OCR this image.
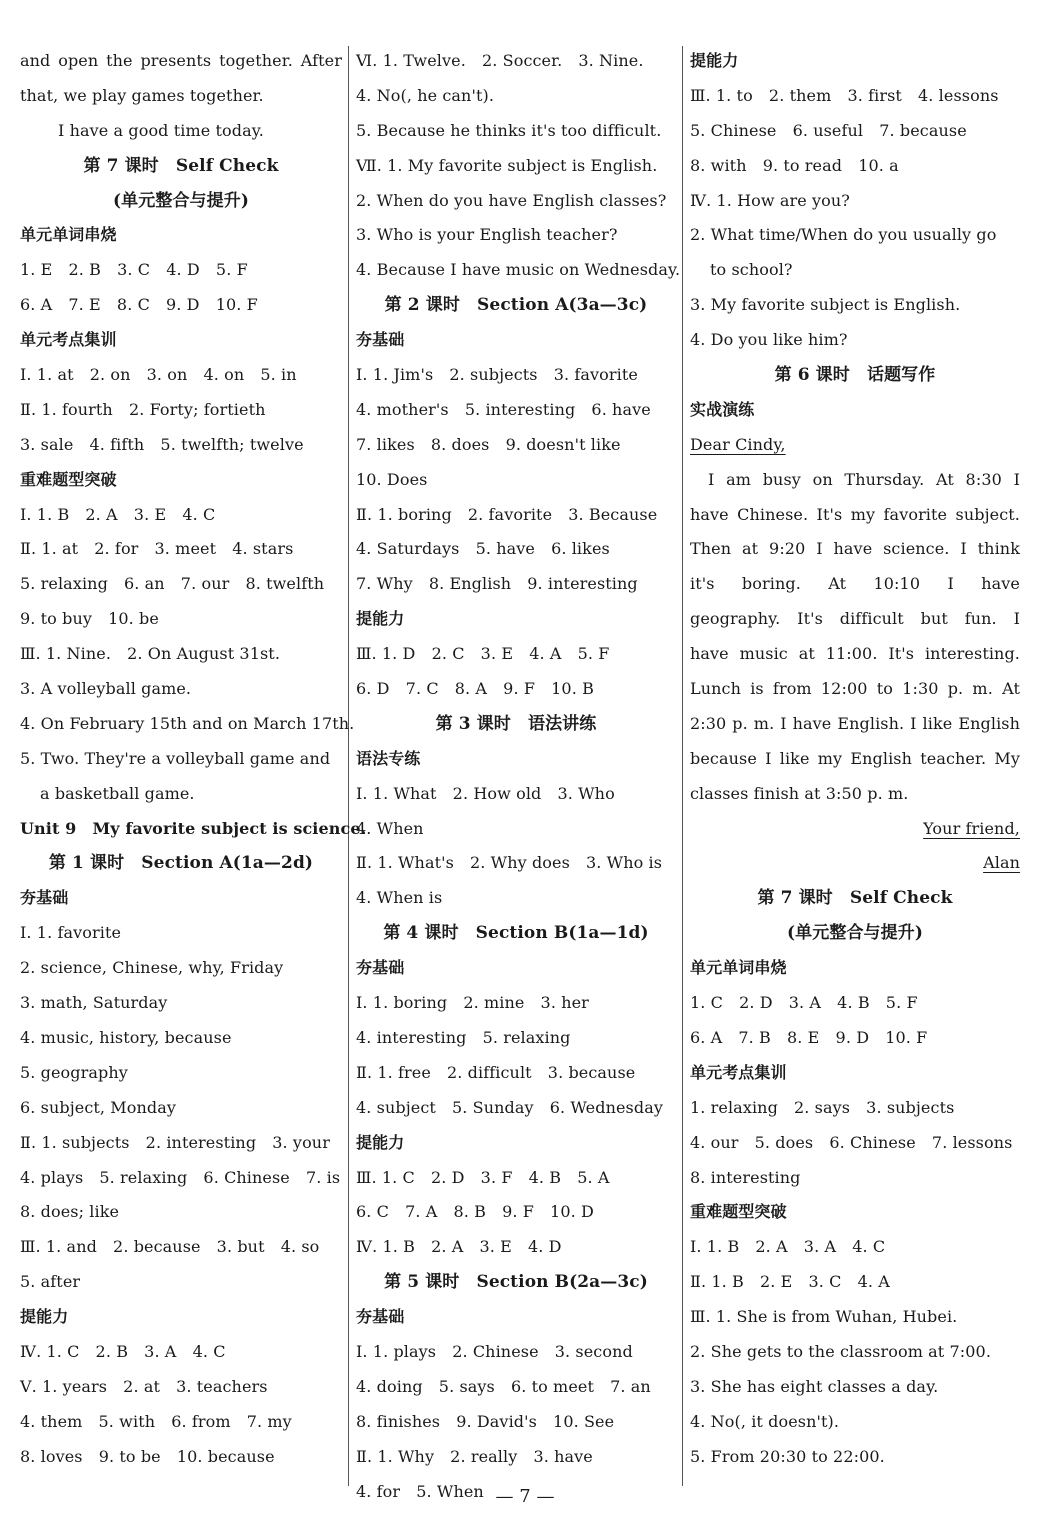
and open the presents together. After
that, we play games together.
I have a good time today.
第 7 课时　Self Check
(单元整合与提升)
单元单词串烧
1. E　2. B　3. C　4. D　5. F
6. A　7. E　8. C　9. D　10. F
单元考点集训
Ⅰ. 1. at　2. on　3. on　4. on　5. in
Ⅱ. 1. fourth　2. Forty; fortieth
3. sale　4. fifth　5. twelfth; twelve
重难题型突破
Ⅰ. 1. B　2. A　3. E　4. C
Ⅱ. 1. at　2. for　3. meet　4. stars
5. relaxing　6. an　7. our　8. twelfth
9. to buy　10. be
Ⅲ. 1. Nine.　2. On August 31st.
3. A volleyball game.
4. On February 15th and on March 17th.
5. Two. They're a volleyball game and
a basketball game.
Unit 9　My favorite subject is science.
第 1 课时　Section A(1a—2d)
夯基础
Ⅰ. 1. favorite
2. science, Chinese, why, Friday
3. math, Saturday
4. music, history, because
5. geography
6. subject, Monday
Ⅱ. 1. subjects　2. interesting　3. your
4. plays　5. relaxing　6. Chinese　7. is
8. does; like
Ⅲ. 1. and　2. because　3. but　4. so
5. after
提能力
Ⅳ. 1. C　2. B　3. A　4. C
Ⅴ. 1. years　2. at　3. teachers
4. them　5. with　6. from　7. my
8. loves　9. to be　10. because
Ⅵ. 1. Twelve.　2. Soccer.　3. Nine.
4. No(, he can't).
5. Because he thinks it's too difficult.
Ⅶ. 1. My favorite subject is English.
2. When do you have English classes?
3. Who is your English teacher?
4. Because I have music on Wednesday.
第 2 课时　Section A(3a—3c)
夯基础
Ⅰ. 1. Jim's　2. subjects　3. favorite
4. mother's　5. interesting　6. have
7. likes　8. does　9. doesn't like
10. Does
Ⅱ. 1. boring　2. favorite　3. Because
4. Saturdays　5. have　6. likes
7. Why　8. English　9. interesting
提能力
Ⅲ. 1. D　2. C　3. E　4. A　5. F
6. D　7. C　8. A　9. F　10. B
第 3 课时　语法讲练
语法专练
Ⅰ. 1. What　2. How old　3. Who
4. When
Ⅱ. 1. What's　2. Why does　3. Who is
4. When is
第 4 课时　Section B(1a—1d)
夯基础
Ⅰ. 1. boring　2. mine　3. her
4. interesting　5. relaxing
Ⅱ. 1. free　2. difficult　3. because
4. subject　5. Sunday　6. Wednesday
提能力
Ⅲ. 1. C　2. D　3. F　4. B　5. A
6. C　7. A　8. B　9. F　10. D
Ⅳ. 1. B　2. A　3. E　4. D
第 5 课时　Section B(2a—3c)
夯基础
Ⅰ. 1. plays　2. Chinese　3. second
4. doing　5. says　6. to meet　7. an
8. finishes　9. David's　10. See
Ⅱ. 1. Why　2. really　3. have
4. for　5. When
提能力
Ⅲ. 1. to　2. them　3. first　4. lessons
5. Chinese　6. useful　7. because
8. with　9. to read　10. a
Ⅳ. 1. How are you?
2. What time/When do you usually go
to school?
3. My favorite subject is English.
4. Do you like him?
第 6 课时　话题写作
实战演练
Dear Cindy,
I am busy on Thursday. At 8:30 I
have Chinese. It's my favorite subject.
Then at 9:20 I have science. I think
it's boring. At 10:10 I have
geography. It's difficult but fun. I
have music at 11:00. It's interesting.
Lunch is from 12:00 to 1:30 p. m. At
2:30 p. m. I have English. I like English
because I like my English teacher. My
classes finish at 3:50 p. m.
Your friend,
Alan
第 7 课时　Self Check
(单元整合与提升)
单元单词串烧
1. C　2. D　3. A　4. B　5. F
6. A　7. B　8. E　9. D　10. F
单元考点集训
1. relaxing　2. says　3. subjects
4. our　5. does　6. Chinese　7. lessons
8. interesting
重难题型突破
Ⅰ. 1. B　2. A　3. A　4. C
Ⅱ. 1. B　2. E　3. C　4. A
Ⅲ. 1. She is from Wuhan, Hubei.
2. She gets to the classroom at 7:00.
3. She has eight classes a day.
4. No(, it doesn't).
5. From 20:30 to 22:00.
— 7 —
